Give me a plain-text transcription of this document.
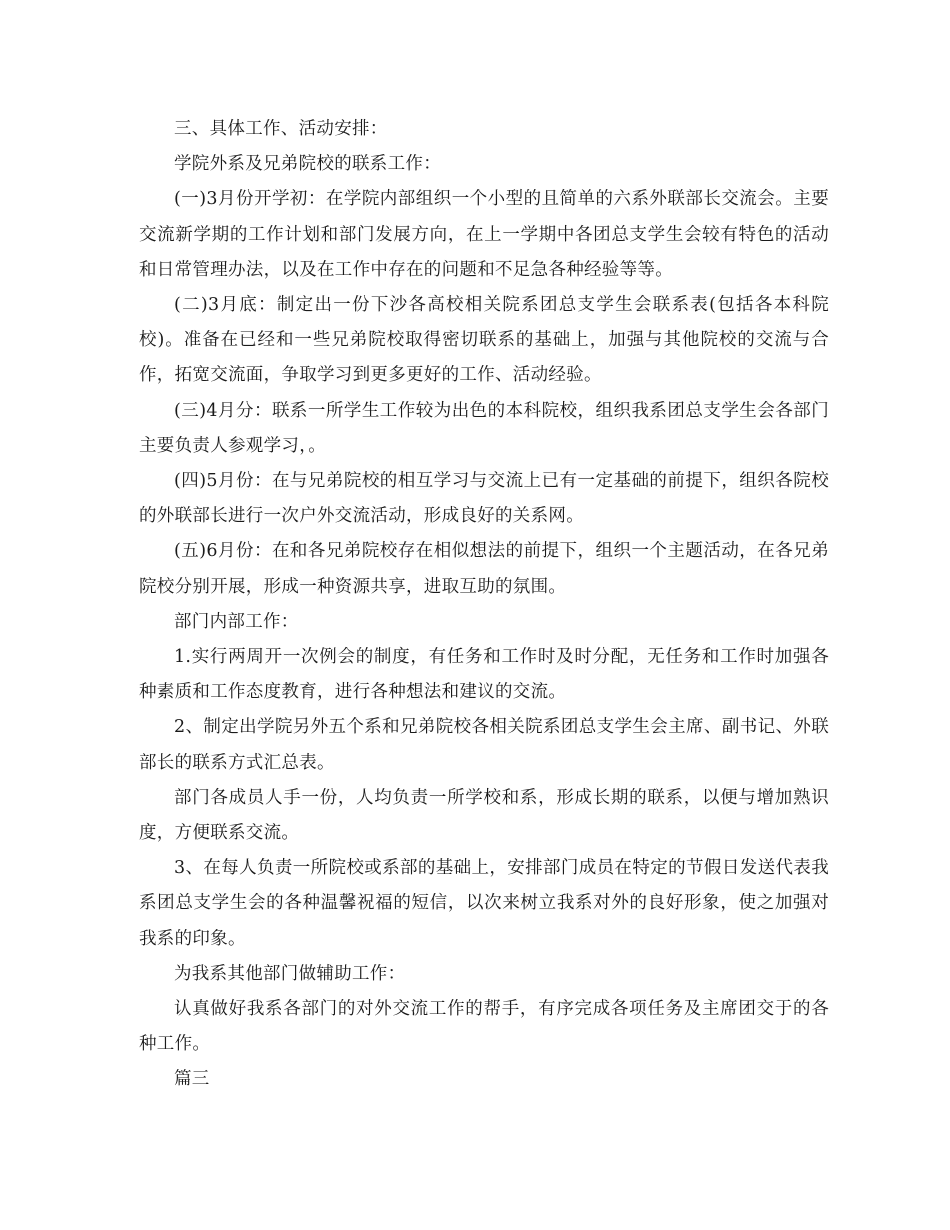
三、具体工作、活动安排：

学院外系及兄弟院校的联系工作：

(一)3月份开学初：在学院内部组织一个小型的且简单的六系外联部长交流会。主要交流新学期的工作计划和部门发展方向，在上一学期中各团总支学生会较有特色的活动和日常管理办法，以及在工作中存在的问题和不足急各种经验等等。

(二)3月底：制定出一份下沙各高校相关院系团总支学生会联系表(包括各本科院校)。准备在已经和一些兄弟院校取得密切联系的基础上，加强与其他院校的交流与合作，拓宽交流面，争取学习到更多更好的工作、活动经验。

(三)4月分：联系一所学生工作较为出色的本科院校，组织我系团总支学生会各部门主要负责人参观学习，。

(四)5月份：在与兄弟院校的相互学习与交流上已有一定基础的前提下，组织各院校的外联部长进行一次户外交流活动，形成良好的关系网。

(五)6月份：在和各兄弟院校存在相似想法的前提下，组织一个主题活动，在各兄弟院校分别开展，形成一种资源共享，进取互助的氛围。

部门内部工作：

1.实行两周开一次例会的制度，有任务和工作时及时分配，无任务和工作时加强各种素质和工作态度教育，进行各种想法和建议的交流。

2、制定出学院另外五个系和兄弟院校各相关院系团总支学生会主席、副书记、外联部长的联系方式汇总表。

部门各成员人手一份，人均负责一所学校和系，形成长期的联系，以便与增加熟识度，方便联系交流。

3、在每人负责一所院校或系部的基础上，安排部门成员在特定的节假日发送代表我系团总支学生会的各种温馨祝福的短信，以次来树立我系对外的良好形象，使之加强对我系的印象。

为我系其他部门做辅助工作：

认真做好我系各部门的对外交流工作的帮手，有序完成各项任务及主席团交于的各种工作。

篇三
